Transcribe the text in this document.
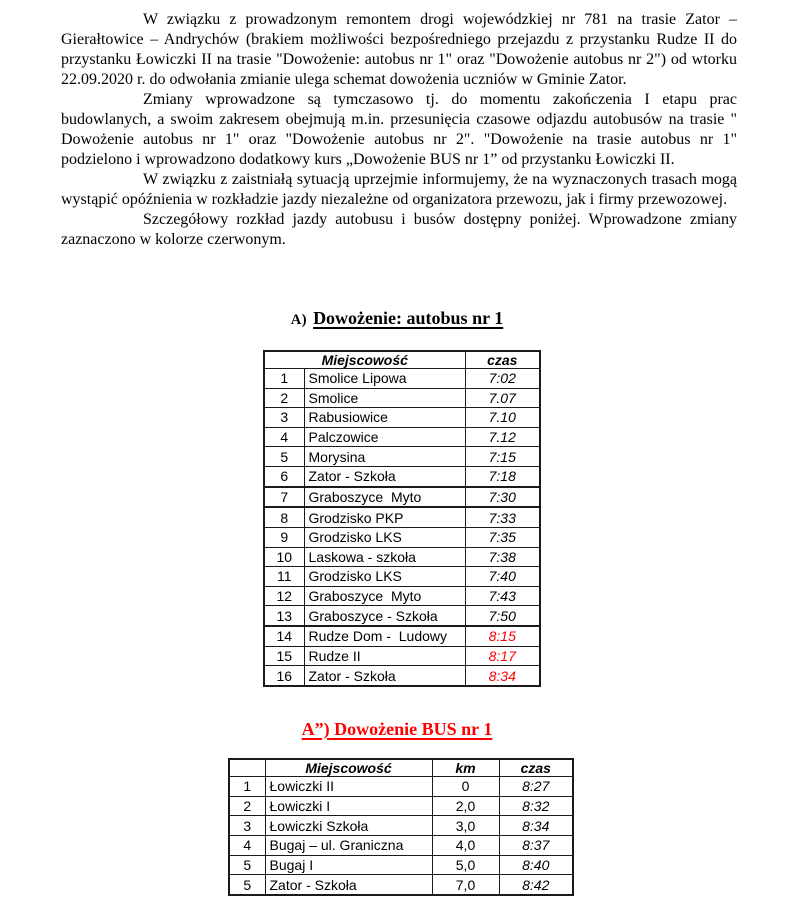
W związku z prowadzonym remontem drogi wojewódzkiej nr 781 na trasie Zator – Gierałtowice – Andrychów (brakiem możliwości bezpośredniego przejazdu z przystanku Rudze II do przystanku Łowiczki II na trasie "Dowożenie: autobus nr 1" oraz "Dowożenie autobus nr 2") od wtorku 22.09.2020 r. do odwołania zmianie ulega schemat dowożenia uczniów w Gminie Zator.

Zmiany wprowadzone są tymczasowo tj. do momentu zakończenia I etapu prac budowlanych, a swoim zakresem obejmują m.in. przesunięcia czasowe odjazdu autobusów na trasie " Dowożenie autobus nr 1" oraz "Dowożenie autobus nr 2". "Dowożenie na trasie autobus nr 1" podzielono i wprowadzono dodatkowy kurs „Dowożenie BUS nr 1” od przystanku Łowiczki II.

W związku z zaistniałą sytuacją uprzejmie informujemy, że na wyznaczonych trasach mogą wystąpić opóźnienia w rozkładzie jazdy niezależne od organizatora przewozu, jak i firmy przewozowej.

Szczegółowy rozkład jazdy autobusu i busów dostępny poniżej. Wprowadzone zmiany zaznaczono w kolorze czerwonym.

A) Dowożenie: autobus nr 1
Miejscowość		czas
1	Smolice Lipowa	7:02
2	Smolice	7.07
3	Rabusiowice	7.10
4	Palczowice	7.12
5	Morysina	7:15
6	Zator - Szkoła	7:18
7	Graboszyce  Myto	7:30
8	Grodzisko PKP	7:33
9	Grodzisko LKS	7:35
10	Laskowa - szkoła	7:38
11	Grodzisko LKS	7:40
12	Graboszyce  Myto	7:43
13	Graboszyce - Szkoła	7:50
14	Rudze Dom -  Ludowy	8:15
15	Rudze II	8:17
16	Zator - Szkoła	8:34
A”) Dowożenie BUS nr 1
	Miejscowość	km	czas
1	Łowiczki II	0	8:27
2	Łowiczki I	2,0	8:32
3	Łowiczki Szkoła	3,0	8:34
4	Bugaj – ul. Graniczna	4,0	8:37
5	Bugaj I	5,0	8:40
5	Zator - Szkoła	7,0	8:42
